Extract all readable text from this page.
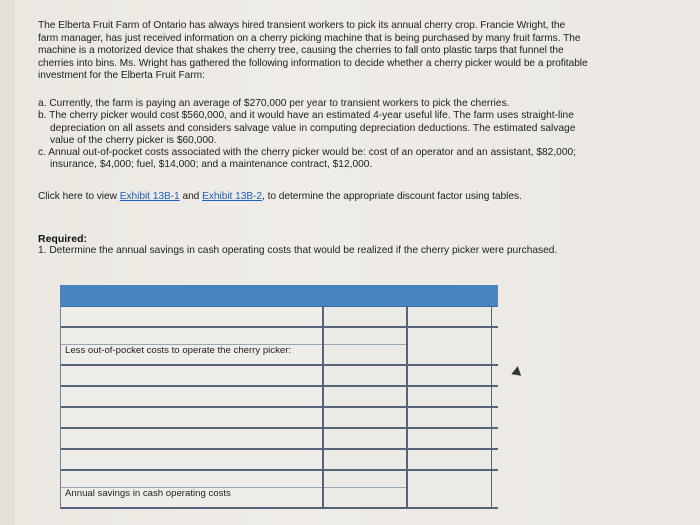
The Elberta Fruit Farm of Ontario has always hired transient workers to pick its annual cherry crop. Francie Wright, the farm manager, has just received information on a cherry picking machine that is being purchased by many fruit farms. The machine is a motorized device that shakes the cherry tree, causing the cherries to fall onto plastic tarps that funnel the cherries into bins. Ms. Wright has gathered the following information to decide whether a cherry picker would be a profitable investment for the Elberta Fruit Farm:

a. Currently, the farm is paying an average of $270,000 per year to transient workers to pick the cherries.
b. The cherry picker would cost $560,000, and it would have an estimated 4-year useful life. The farm uses straight-line depreciation on all assets and considers salvage value in computing depreciation deductions. The estimated salvage value of the cherry picker is $60,000.
c. Annual out-of-pocket costs associated with the cherry picker would be: cost of an operator and an assistant, $82,000; insurance, $4,000; fuel, $14,000; and a maintenance contract, $12,000.

Click here to view Exhibit 13B-1 and Exhibit 13B-2, to determine the appropriate discount factor using tables.

Required:
1. Determine the annual savings in cash operating costs that would be realized if the cherry picker were purchased.
Less out-of-pocket costs to operate the cherry picker:
Annual savings in cash operating costs
